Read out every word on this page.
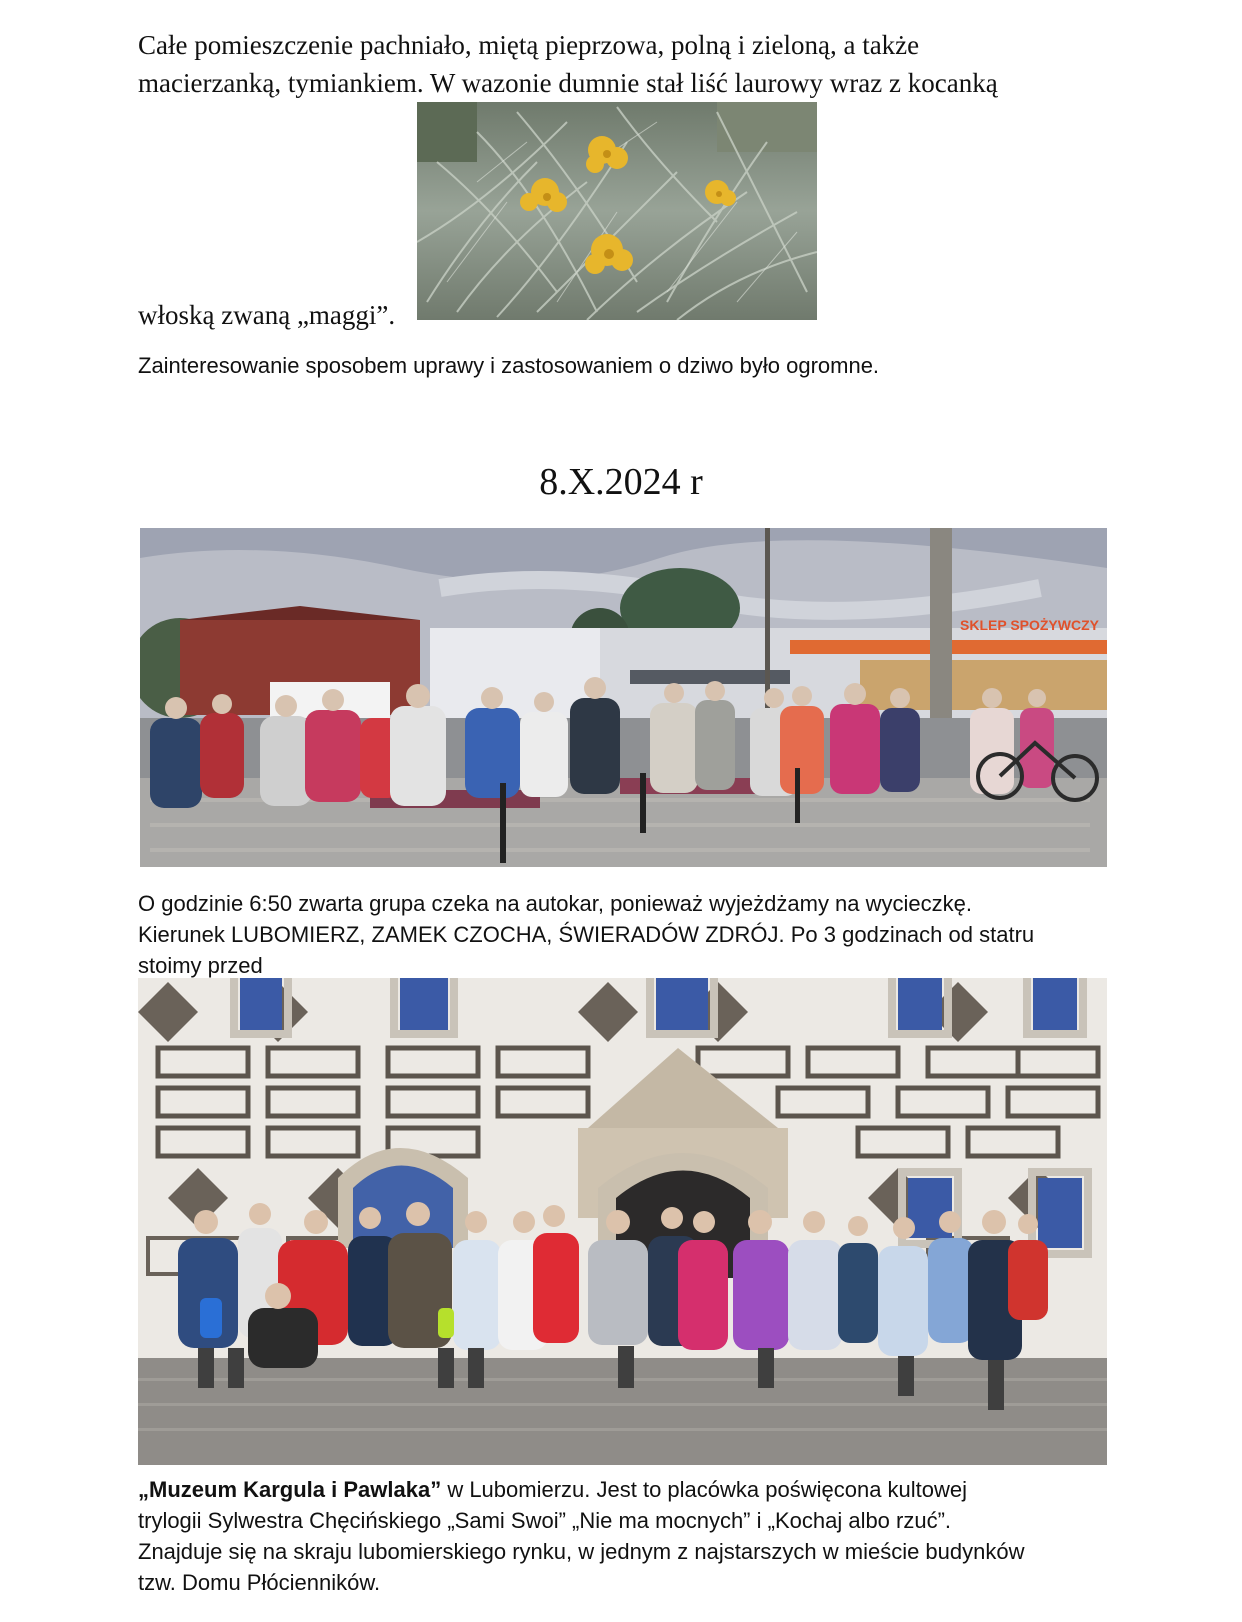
Całe pomieszczenie pachniało, miętą pieprzowa, polną i zieloną, a także
macierzanką, tymiankiem. W wazonie dumnie stał liść laurowy wraz z kocanką
włoską zwaną „maggi”.
Zainteresowanie sposobem uprawy i zastosowaniem o dziwo było ogromne.
8.X.2024 r
SKLEP SPOŻYWCZY
O godzinie 6:50 zwarta grupa czeka na autokar, ponieważ wyjeżdżamy na wycieczkę.
Kierunek LUBOMIERZ, ZAMEK CZOCHA, ŚWIERADÓW ZDRÓJ. Po 3 godzinach od statru
stoimy przed
„Muzeum Kargula i Pawlaka” w Lubomierzu. Jest to placówka poświęcona kultowej
trylogii Sylwestra Chęcińskiego „Sami Swoi” „Nie ma mocnych” i „Kochaj albo rzuć”.
Znajduje się na skraju lubomierskiego rynku, w jednym z najstarszych w mieście budynków
tzw. Domu Płócienników.
